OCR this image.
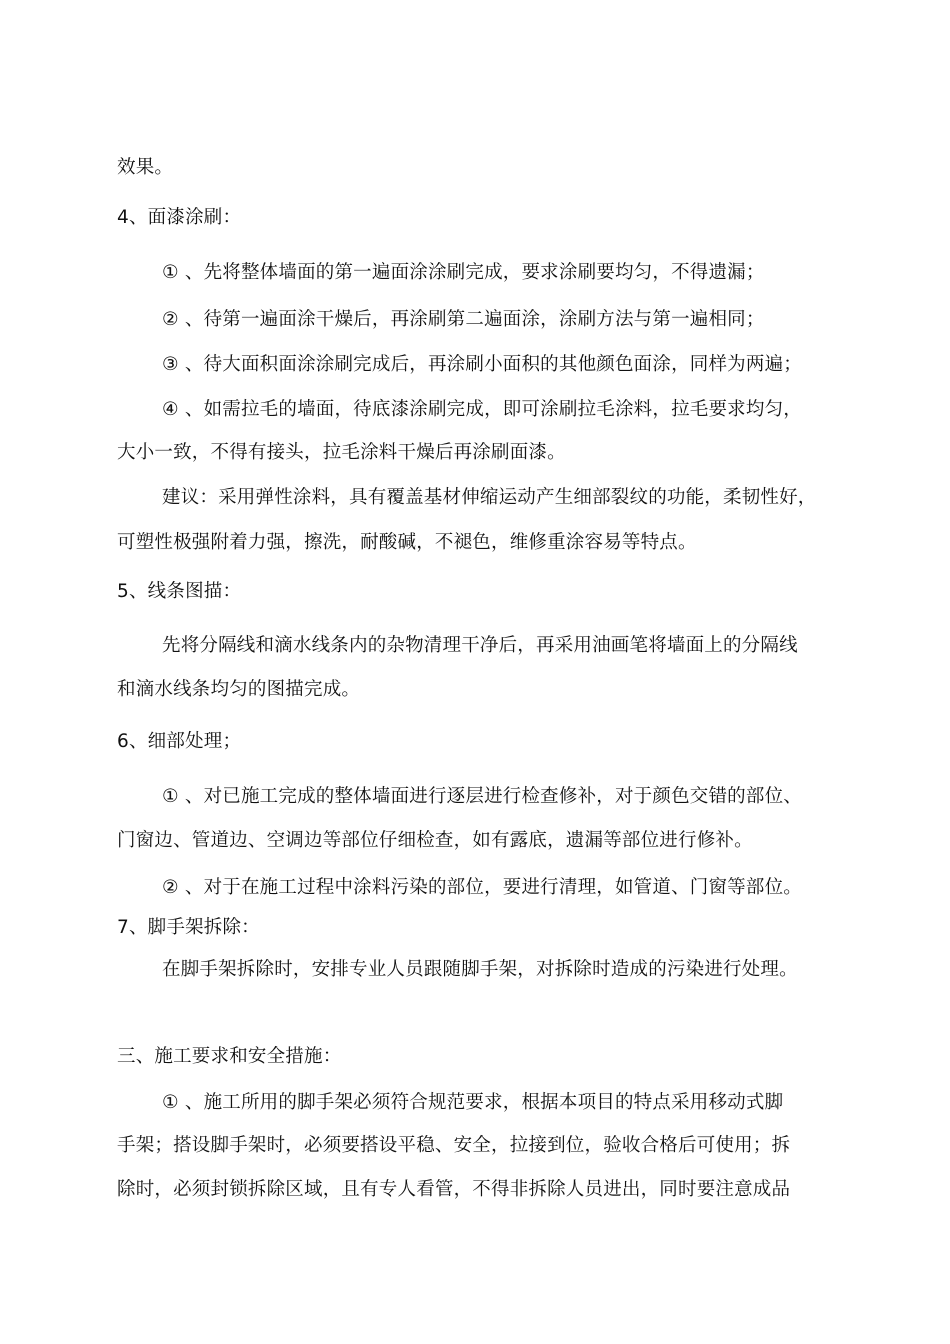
效果。
4、面漆涂刷：
① 、先将整体墙面的第一遍面涂涂刷完成，要求涂刷要均匀，不得遗漏；
② 、待第一遍面涂干燥后，再涂刷第二遍面涂，涂刷方法与第一遍相同；
③ 、待大面积面涂涂刷完成后，再涂刷小面积的其他颜色面涂，同样为两遍；
④ 、如需拉毛的墙面，待底漆涂刷完成，即可涂刷拉毛涂料，拉毛要求均匀，
大小一致，不得有接头，拉毛涂料干燥后再涂刷面漆。
建议：采用弹性涂料，具有覆盖基材伸缩运动产生细部裂纹的功能，柔韧性好，
可塑性极强附着力强，擦洗，耐酸碱，不褪色，维修重涂容易等特点。
5、线条图描：
先将分隔线和滴水线条内的杂物清理干净后，再采用油画笔将墙面上的分隔线
和滴水线条均匀的图描完成。
6、细部处理；
① 、对已施工完成的整体墙面进行逐层进行检查修补，对于颜色交错的部位、
门窗边、管道边、空调边等部位仔细检查，如有露底，遗漏等部位进行修补。
② 、对于在施工过程中涂料污染的部位，要进行清理，如管道、门窗等部位。
7、脚手架拆除：
在脚手架拆除时，安排专业人员跟随脚手架，对拆除时造成的污染进行处理。
三、施工要求和安全措施：
① 、施工所用的脚手架必须符合规范要求，根据本项目的特点采用移动式脚
手架；搭设脚手架时，必须要搭设平稳、安全，拉接到位，验收合格后可使用；拆
除时，必须封锁拆除区域，且有专人看管，不得非拆除人员进出，同时要注意成品
